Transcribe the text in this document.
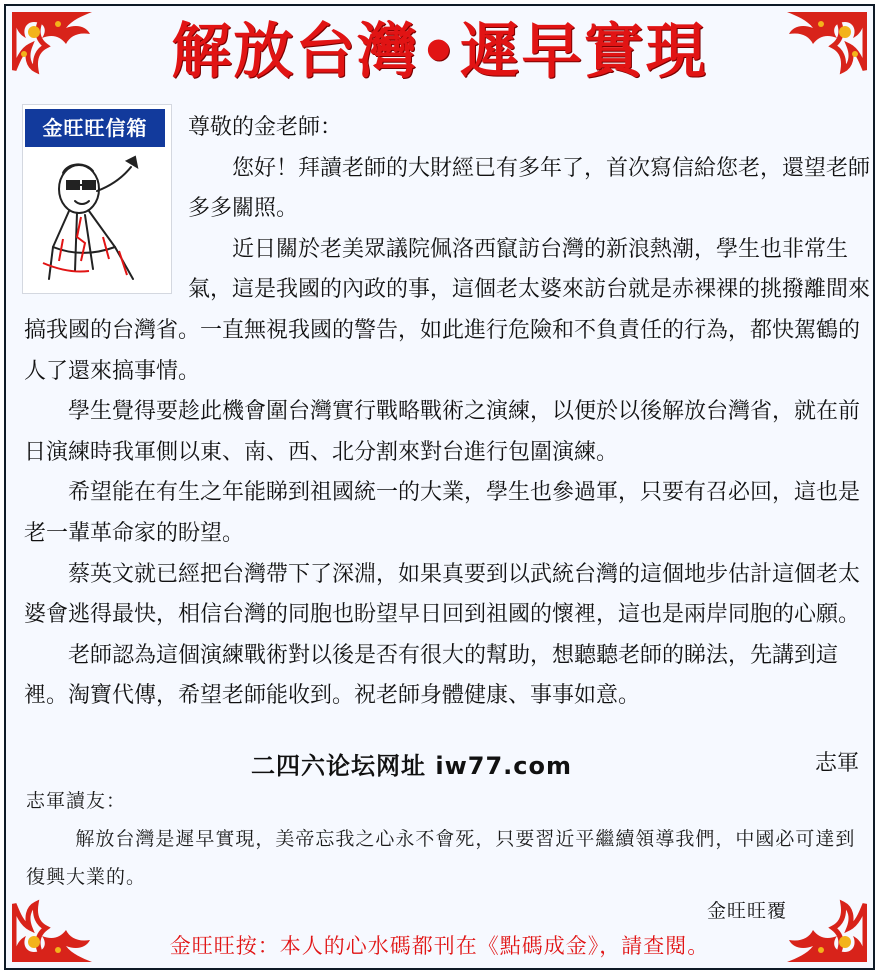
解放台灣•遲早實現
金旺旺信箱	尊敬的金老師：

您好！拜讀老師的大財經已有多年了，首次寫信給您老，還望老師多多關照。

近日關於老美眾議院佩洛西竄訪台灣的新浪熱潮，學生也非常生氣，這是我國的內政的事，這個老太婆來訪台就是赤裸裸的挑撥離間來搞我國的台灣省。一直無視我國的警告，如此進行危險和不負責任的行為，都快駕鶴的人了還來搞事情。

學生覺得要趁此機會圍台灣實行戰略戰術之演練，以便於以後解放台灣省，就在前日演練時我軍側以東、南、西、北分割來對台進行包圍演練。

希望能在有生之年能睇到祖國統一的大業，學生也參過軍，只要有召必回，這也是老一輩革命家的盼望。

蔡英文就已經把台灣帶下了深淵，如果真要到以武統台灣的這個地步估計這個老太婆會逃得最快，相信台灣的同胞也盼望早日回到祖國的懷裡，這也是兩岸同胞的心願。

老師認為這個演練戰術對以後是否有很大的幫助，想聽聽老師的睇法，先講到這裡。淘寶代傳，希望老師能收到。祝老師身體健康、事事如意。

二四六论坛网址 iw77.com	志軍

志軍讀友：

解放台灣是遲早實現，美帝忘我之心永不會死，只要習近平繼續領導我們，中國必可達到復興大業的。

金旺旺覆
金旺旺按：本人的心水碼都刊在《點碼成金》，請查閱。
